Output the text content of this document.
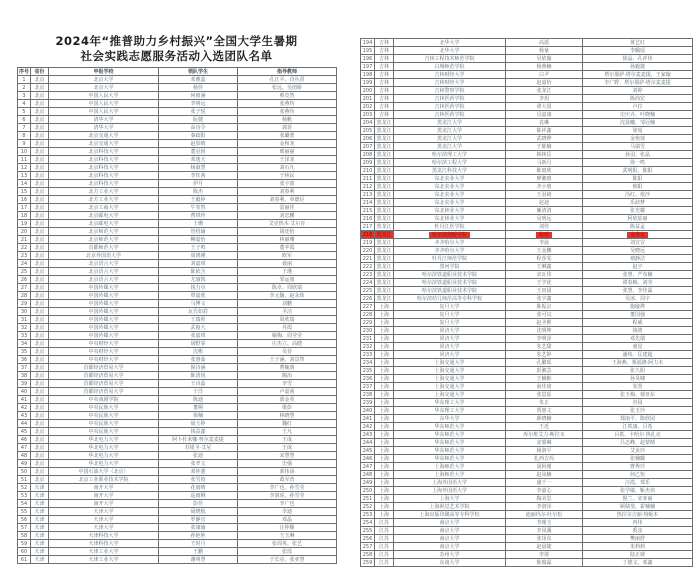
2024年“推普助力乡村振兴”全国大学生暑期
社会实践志愿服务活动入选团队名单
序号	省份	申报学校	领队学生	指导教师
1	北京	北京大学	邓雅蕊	孔江平、肖丛熹
2	北京	北京大学	杨佳	张远、吴雨娇
3	北京	中国人民大学	何雨涵	蔡竞然
4	北京	中国人民大学	李明远	张燕均
5	北京	中国人民大学	张子悦	张燕均
6	北京	清华大学	阮捷	杨帆
7	北京	清华大学	高诗令	郭菲
8	北京	北京交通大学	秦政阳	张璐蕾
9	北京	北京交通大学	赵原晴	金和龙
10	北京	北京科技大学	董冠悦	邢丽丽
11	北京	北京科技大学	邓逸天	王泽龙
12	北京	北京科技大学	杨淑慧	刘石凡
13	北京	北京科技大学	李钰茜	于林民
14	北京	北京科技大学	伊月	张宇波
15	北京	北方工业大学	陈杰	刘春利
16	北京	北方工业大学	王毅婷	刘春利、单德臣
17	北京	北京工商大学	牛笑然	雷丽佳
18	北京	北京邮电大学	曹琪珍	刘忠鹏
19	北京	北京邮电大学	王珊	艾克热木·艾尔肯
20	北京	北京师范大学	管绍瑜	胡还怡
21	北京	北京师范大学	柳嘉怡	林丽珊
22	北京	首都师范大学	王子鸣	董苹霞
23	北京	北京外国语大学	周鸿瑾	欧军
24	北京	北京语言大学	刘嘉琪	聂丽
25	北京	北京语言大学	陈依含	王瑾
26	北京	北京语言大学	尤瑜凯	邹运旭
27	北京	中国传媒大学	钱力尔	陈卓、周欣瑞
28	北京	中国传媒大学	覃嘉欣	李元馥、赵永炜
29	北京	中国传媒大学	马博文	刘鹏
30	北京	中国传媒大学	瓦氏如眉	圣洁
31	北京	中国传媒大学	王瑞彤	周欣瑞
32	北京	中国传媒大学	武俊大	丹霞
33	北京	中国传媒大学	张嘉琪	喻梅、周莹莹
34	北京	中央财经大学	胡野霏	庄杰立、高健
35	北京	中央财经大学	沈彬	吴菲
36	北京	中央财经大学	张惠茹	王子涵、刘景然
37	北京	首都经济贸易大学	倪诗涵	曹毓惠
38	北京	首都经济贸易大学	陈清悦	陶冶
39	北京	首都经济贸易大学	王诗蕊	李雪
40	北京	首都经济贸易大学	于洋	卢嘉茜
41	北京	中央戏剧学院	陈迪	慕金英
42	北京	中央民族大学	董栩	梁彭
43	北京	中央民族大学	梁楠	林晓慧
44	北京	中央民族大学	聂玉婷	魏红
45	北京	中央民族大学	钱益鑫	王凡
46	北京	华北电力大学	阿卜杜米娜·努尔麦麦提	王成
47	北京	华北电力大学	苏银圣·艾尼	王成
48	北京	华北电力大学	张迪	宋慧慧
49	北京	华北电力大学	张孝文	史强
50	北京	中国石油大学（北京）	邓怀蕙	郭伟添
51	北京	北京工业职业技术学院	张雪姣	葛军营
52	天津	南开大学	花雨晴	李广也、孙雪莹
53	天津	南开大学	巡雨桐	李润虎、孙雪莹
54	天津	南开大学	彭佳	李广也
55	天津	天津大学	聂晓航	李迪
56	天津	天津大学	罗静宜	邓晶
57	天津	天津大学	张康瑜	汪仲顺
58	天津	天津科技大学	孙艳艳	王玉琳
59	天津	天津科技大学	王时月	张周英、张艺
60	天津	天津工业大学	王鹏	张瑶
61	天津	天津工业大学	谢明慧	于长亮、张亚慧
194	吉林	北华大学	高遥	黄艺红
195	吉林	北华大学	杨童	李璐瑶
196	吉林	吉林工程技术师范学院	吴依璇	徐晶、孔祥伟
197	吉林	白城师范学院	杨燕楠	孙毅捷
198	吉林	吉林财经大学	白尹	塔尔那萨·塔尔麦麦提、王家璇
199	吉林	吉林财经大学	赵嘉怡	李广野、塔尔那萨·塔尔麦麦提
200	吉林	吉林警察学院	张龙江	刘婷
201	吉林	吉林医药学院	李玥	陈尚宏
202	吉林	吉林医药学院	谭大国	卢拉
203	吉林	吉林医药学院	闫嘉康	史庆卉、叶晓楠
204	黑龙江	黑龙江大学	袁琳	沈晨曦、邹冠楠
205	黑龙江	黑龙江大学	陈祥鑫	梁曼
206	黑龙江	黑龙江大学	武晓烨	金艳琦
207	黑龙江	黑龙江大学	于陈楠	马瑞雪
208	黑龙江	哈尔滨理工大学	韩林岳	孙羽、张晶
209	黑龙江	哈尔滨工程大学	马新月	徐一鸣
210	黑龙江	黑龙江科技大学	陈雨欣	武明阳、陈阳
211	黑龙江	东北农业大学	廖湘惠	陈阳
212	黑龙江	东北农业大学	齐小惠	韩阳
213	黑龙江	东北农业大学	王羽绮	冯红、依沙
214	黑龙江	东北农业大学	赵迪	乐歧梦
215	黑龙江	东北林业大学	廉清清	张光耀
216	黑龙江	东北林业大学	吴明远	阿依姑丽
217	黑龙江	牡丹江医学院	刘佳	陈益孟
218	黑龙江	哈尔滨剑桥学院	耿瑶	金春女
219	黑龙江	齐齐哈尔大学	李晨	刘宣宣
220	黑龙江	齐齐哈尔大学	王金鹏	吴晓远
221	黑龙江	牡丹江师范学院	程莎雯	褚静洁
222	黑龙江	黑河学院	王琳鑫	赵宇
223	黑龙江	哈尔滨铁道职业技术学院	宋瓦伟	张慧、严布楠
224	黑龙江	哈尔滨铁道职业技术学院	王学优	谭春梅、刘莹
225	黑龙江	哈尔滨铁道职业技术学院	王田园	张慧、李佳霖
226	黑龙江	哈尔滨幼儿师范高等专科学校	张宇鑫	吴冰、周宇
227	上海	复旦大学	陈振京	施璇烨
228	上海	复旦大学	张可以	董国强
229	上海	复旦大学	赵圣熙	程威
230	上海	同济大学	沈明坤	钱靖
231	上海	同济大学	李明泽	邓先瑞
232	上海	同济大学	朱艺甜	童星
233	上海	同济大学	朱艺婷	潘炜、匡建超
234	上海	上海交通大学	孔繁瑶	王海燕、栗福隆·阿力木
235	上海	上海交通大学	彭湘芸	张久阳
236	上海	上海交通大学	王楠彬	孙昊啸
237	上海	上海交通大学	俞佳琦	朱萱
238	上海	上海交通大学	张思瑶	张玉梅、郁亚东
239	上海	华东理工大学	朱正	谷园
240	上海	华东理工大学	贾惠文	张玉玲
241	上海	东华大学	薛晓楠	郑南平、陈欣园
242	上海	华东师范大学	王近	江铁康、吕希
243	上海	华东师范大学	库尔班艾力·斯拉木	吕希、卡哈尔·热扎克
244	上海	华东师范大学	宋睿琳	吕志峰、赵蒙晴
245	上海	华东师范大学	杨润平	艾贞玲
246	上海	华东师范大学	扎西吉玛	张楠璐
247	上海	上海师范大学	闵阿瑾	曹秀玲
248	上海	上海师范大学	赵凤楠	何乙恒
249	上海	上海外国语大学	盛千一	汪霞、郑乐
250	上海	上海外国语大学	李嘉心	张学敏、靳杰伟
251	上海	上海大学	陶美思	倪兰、宋亚丽
252	上海	上海视觉艺术学院	李润泽	顾婧斐、霍楠楠
253	上海	上海出版印刷高等专科学校	迪丽玛尔·吐尔松	热拉尔吉丽·热妮木
254	江苏	南京大学	李瑾圭	再伟
255	江苏	南京大学	李凤溪	奚彦
256	江苏	南京大学	张泽东	樊丽舒
257	江苏	南京大学	赵晨捷	朱莉莉
258	江苏	苏州大学	李倩	陆正琥
259	江苏	东南大学	陈俊霖	丁德文、邓鑫
